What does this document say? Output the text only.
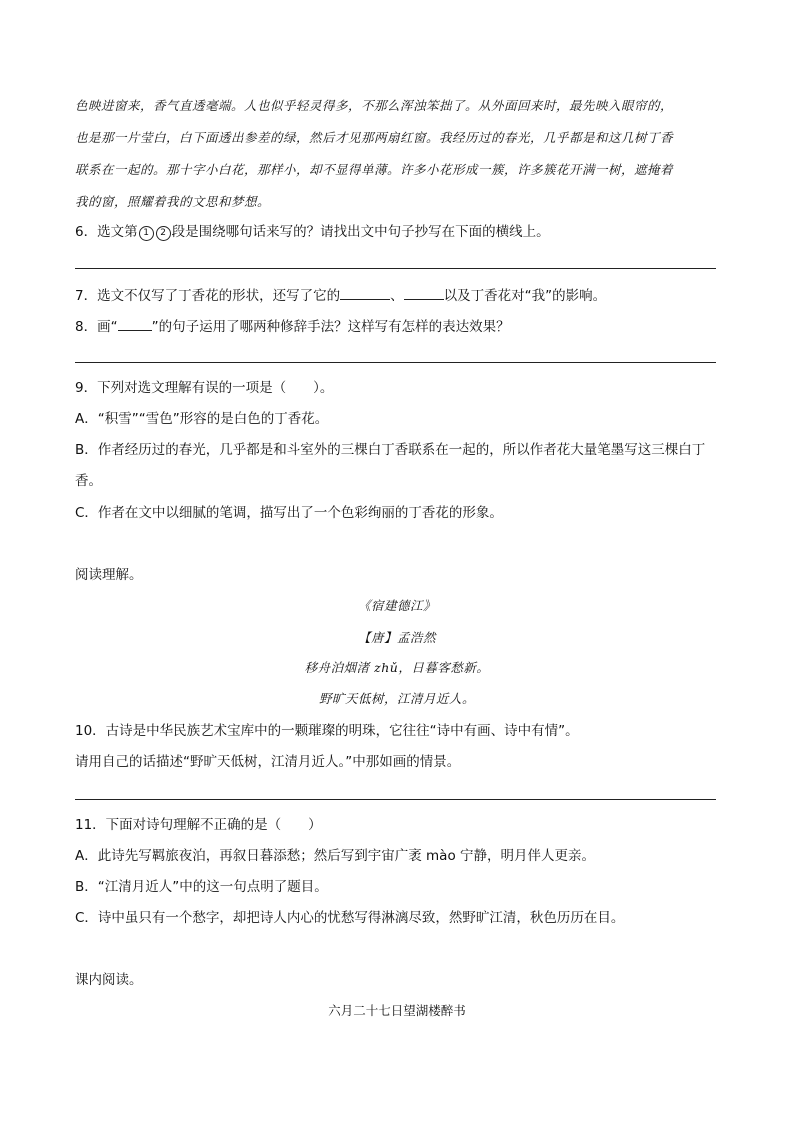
色映进窗来，香气直透毫端。人也似乎轻灵得多，不那么浑浊笨拙了。从外面回来时，最先映入眼帘的，
也是那一片莹白，白下面透出参差的绿，然后才见那两扇红窗。我经历过的春光，几乎都是和这几树丁香
联系在一起的。那十字小白花，那样小，却不显得单薄。许多小花形成一簇，许多簇花开满一树，遮掩着
我的窗，照耀着我的文思和梦想。
6．选文第 1 2 段是围绕哪句话来写的？请找出文中句子抄写在下面的横线上。
7．选文不仅写了丁香花的形状，还写了它的	、	以及丁香花对“我”的影响。
8．画“	”的句子运用了哪两种修辞手法？这样写有怎样的表达效果？
9．下列对选文理解有误的一项是（　　）。
A．“积雪”“雪色”形容的是白色的丁香花。
B．作者经历过的春光，几乎都是和斗室外的三棵白丁香联系在一起的，所以作者花大量笔墨写这三棵白丁
香。
C．作者在文中以细腻的笔调，描写出了一个色彩绚丽的丁香花的形象。
阅读理解。
《宿建德江》
【唐】孟浩然
移舟泊烟渚 zhǔ，日暮客愁新。
野旷天低树，江清月近人。
10．古诗是中华民族艺术宝库中的一颗璀璨的明珠，它往往“诗中有画、诗中有情”。
请用自己的话描述“野旷天低树，江清月近人。”中那如画的情景。
11．下面对诗句理解不正确的是（　　）
A．此诗先写羁旅夜泊，再叙日暮添愁；然后写到宇宙广袤 mào 宁静，明月伴人更亲。
B．“江清月近人”中的这一句点明了题目。
C．诗中虽只有一个愁字，却把诗人内心的忧愁写得淋漓尽致，然野旷江清，秋色历历在目。
课内阅读。
六月二十七日望湖楼醉书
